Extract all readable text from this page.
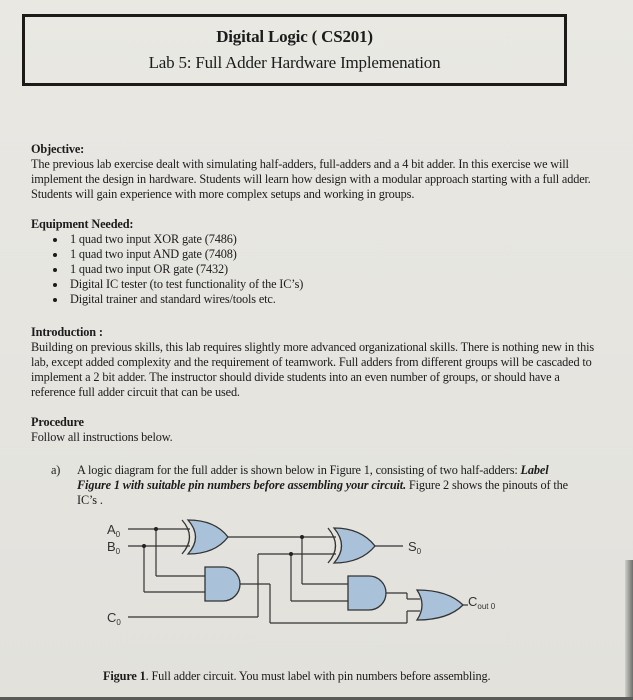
Digital Logic ( CS201)
Lab 5: Full Adder Hardware Implemenation
Objective:
The previous lab exercise dealt with simulating half-adders, full-adders and a 4 bit adder. In this exercise we will implement the design in hardware. Students will learn how design with a modular approach starting with a full adder. Students will gain experience with more complex setups and working in groups.
Equipment Needed:
1 quad two input XOR gate (7486)
1 quad two input AND gate (7408)
1 quad two input OR gate (7432)
Digital IC tester (to test functionality of the IC’s)
Digital trainer and standard wires/tools etc.
Introduction :
Building on previous skills, this lab requires slightly more advanced organizational skills. There is nothing new in this lab, except added complexity and the requirement of teamwork. Full adders from different groups will be cascaded to implement a 2 bit adder. The instructor should divide students into an even number of groups, or should have a reference full adder circuit that can be used.
Procedure
Follow all instructions below.
a)	A logic diagram for the full adder is shown below in Figure 1, consisting of two half-adders: Label Figure 1 with suitable pin numbers before assembling your circuit. Figure 2 shows the pinouts of the IC’s .
$A_0$
$B_0$
$C_0$
$S_0$
$C_{out 0}$
Figure 1. Full adder circuit. You must label with pin numbers before assembling.
